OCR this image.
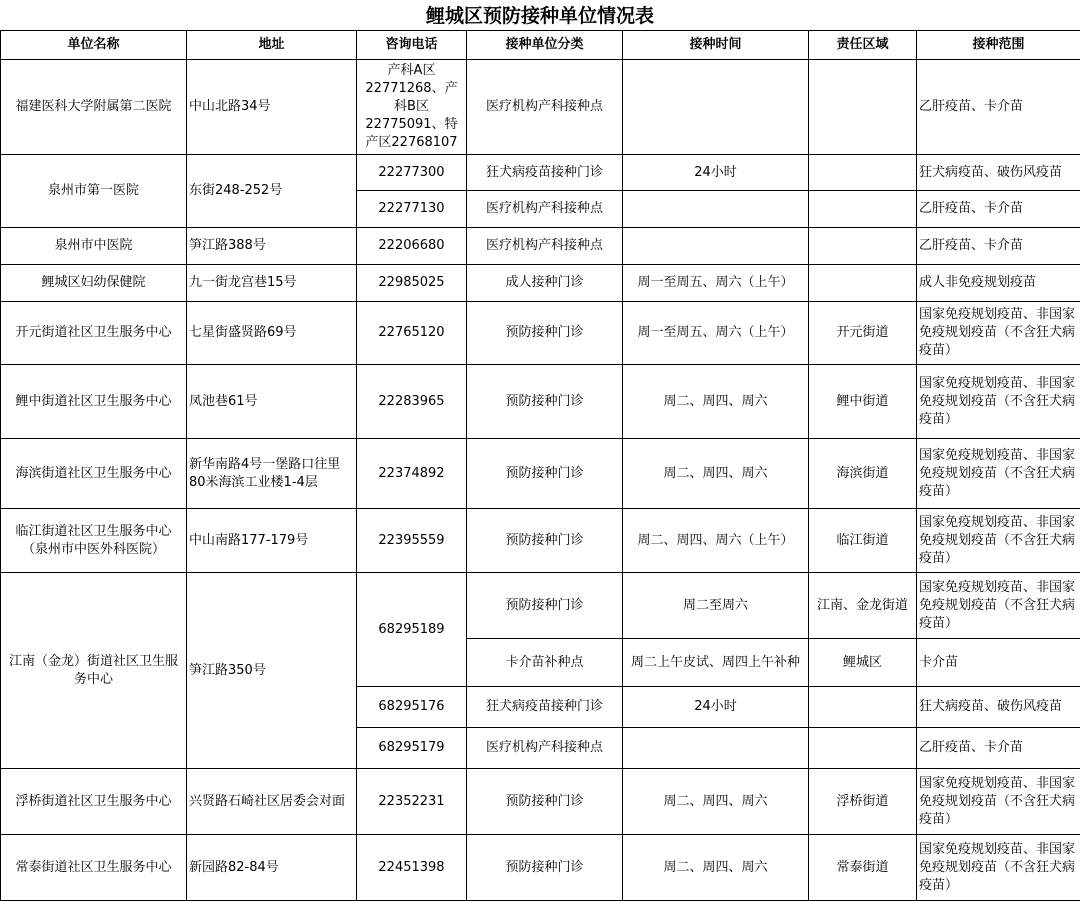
鲤城区预防接种单位情况表
单位名称	地址	咨询电话	接种单位分类	接种时间	责任区域	接种范围
福建医科大学附属第二医院	中山北路34号	产科A区22771268、产科B区22775091、特产区22768107	医疗机构产科接种点			乙肝疫苗、卡介苗
泉州市第一医院	东街248-252号	22277300	狂犬病疫苗接种门诊	24小时		狂犬病疫苗、破伤风疫苗
		22277130	医疗机构产科接种点			乙肝疫苗、卡介苗
泉州市中医院	笋江路388号	22206680	医疗机构产科接种点			乙肝疫苗、卡介苗
鲤城区妇幼保健院	九一街龙宫巷15号	22985025	成人接种门诊	周一至周五、周六（上午）		成人非免疫规划疫苗
开元街道社区卫生服务中心	七星街盛贤路69号	22765120	预防接种门诊	周一至周五、周六（上午）	开元街道	国家免疫规划疫苗、非国家免疫规划疫苗（不含狂犬病疫苗）
鲤中街道社区卫生服务中心	凤池巷61号	22283965	预防接种门诊	周二、周四、周六	鲤中街道	国家免疫规划疫苗、非国家免疫规划疫苗（不含狂犬病疫苗）
海滨街道社区卫生服务中心	新华南路4号一堡路口往里80米海滨工业楼1-4层	22374892	预防接种门诊	周二、周四、周六	海滨街道	国家免疫规划疫苗、非国家免疫规划疫苗（不含狂犬病疫苗）
临江街道社区卫生服务中心（泉州市中医外科医院）	中山南路177-179号	22395559	预防接种门诊	周二、周四、周六（上午）	临江街道	国家免疫规划疫苗、非国家免疫规划疫苗（不含狂犬病疫苗）
江南（金龙）街道社区卫生服务中心	笋江路350号	68295189	预防接种门诊	周二至周六	江南、金龙街道	国家免疫规划疫苗、非国家免疫规划疫苗（不含狂犬病疫苗）
			卡介苗补种点	周二上午皮试、周四上午补种	鲤城区	卡介苗
		68295176	狂犬病疫苗接种门诊	24小时		狂犬病疫苗、破伤风疫苗
		68295179	医疗机构产科接种点			乙肝疫苗、卡介苗
浮桥街道社区卫生服务中心	兴贤路石崎社区居委会对面	22352231	预防接种门诊	周二、周四、周六	浮桥街道	国家免疫规划疫苗、非国家免疫规划疫苗（不含狂犬病疫苗）
常泰街道社区卫生服务中心	新园路82-84号	22451398	预防接种门诊	周二、周四、周六	常泰街道	国家免疫规划疫苗、非国家免疫规划疫苗（不含狂犬病疫苗）
